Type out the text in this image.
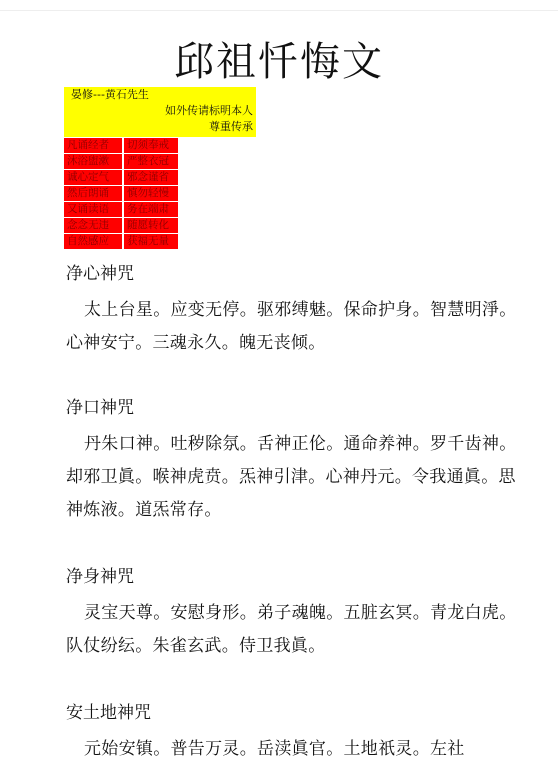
邱祖忏悔文
晏修---黄石先生
如外传请标明本人
尊重传承
凡诵经者		切须奉戒
沐浴盥漱		严整衣冠
诚心定气		邪念谨省
然后朗诵		慎勿轻慢
又诵读语		务在端肃
念念无违		随愿转化
自然感应		获福无量
净心神咒

太上台星。应变无停。驱邪缚魅。保命护身。智慧明淨。心神安宁。三魂永久。魄无丧倾。

净口神咒

丹朱口神。吐秽除氛。舌神正伦。通命养神。罗千齿神。却邪卫眞。喉神虎贲。炁神引津。心神丹元。令我通眞。思神炼液。道炁常存。

净身神咒

灵宝天尊。安慰身形。弟子魂魄。五脏玄冥。青龙白虎。队仗纷纭。朱雀玄武。侍卫我眞。

安土地神咒

元始安镇。普告万灵。岳渎眞官。土地祇灵。左社
